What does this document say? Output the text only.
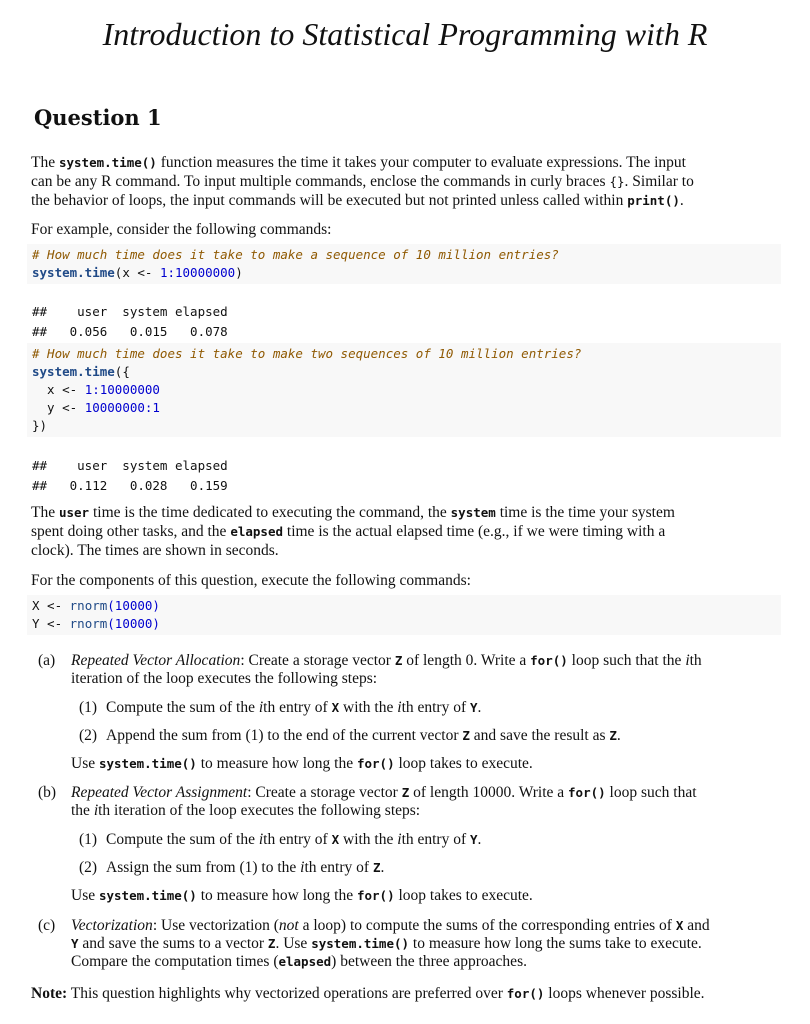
Introduction to Statistical Programming with R
Question 1
The system.time() function measures the time it takes your computer to evaluate expressions. The input
can be any R command. To input multiple commands, enclose the commands in curly braces {}. Similar to
the behavior of loops, the input commands will be executed but not printed unless called within print().
For example, consider the following commands:
# How much time does it take to make a sequence of 10 million entries?
system.time(x <- 1:10000000)
##    user  system elapsed
##   0.056   0.015   0.078
# How much time does it take to make two sequences of 10 million entries?
system.time({
x <- 1:10000000
y <- 10000000:1
})
##    user  system elapsed
##   0.112   0.028   0.159
The user time is the time dedicated to executing the command, the system time is the time your system
spent doing other tasks, and the elapsed time is the actual elapsed time (e.g., if we were timing with a
clock). The times are shown in seconds.
For the components of this question, execute the following commands:
X <- rnorm(10000)
Y <- rnorm(10000)
(a) Repeated Vector Allocation: Create a storage vector Z of length 0. Write a for() loop such that the ith
iteration of the loop executes the following steps:
(1) Compute the sum of the ith entry of X with the ith entry of Y.
(2) Append the sum from (1) to the end of the current vector Z and save the result as Z.
Use system.time() to measure how long the for() loop takes to execute.
(b) Repeated Vector Assignment: Create a storage vector Z of length 10000. Write a for() loop such that
the ith iteration of the loop executes the following steps:
(1) Compute the sum of the ith entry of X with the ith entry of Y.
(2) Assign the sum from (1) to the ith entry of Z.
Use system.time() to measure how long the for() loop takes to execute.
(c) Vectorization: Use vectorization (not a loop) to compute the sums of the corresponding entries of X and
Y and save the sums to a vector Z. Use system.time() to measure how long the sums take to execute.
Compare the computation times (elapsed) between the three approaches.
Note: This question highlights why vectorized operations are preferred over for() loops whenever possible.
